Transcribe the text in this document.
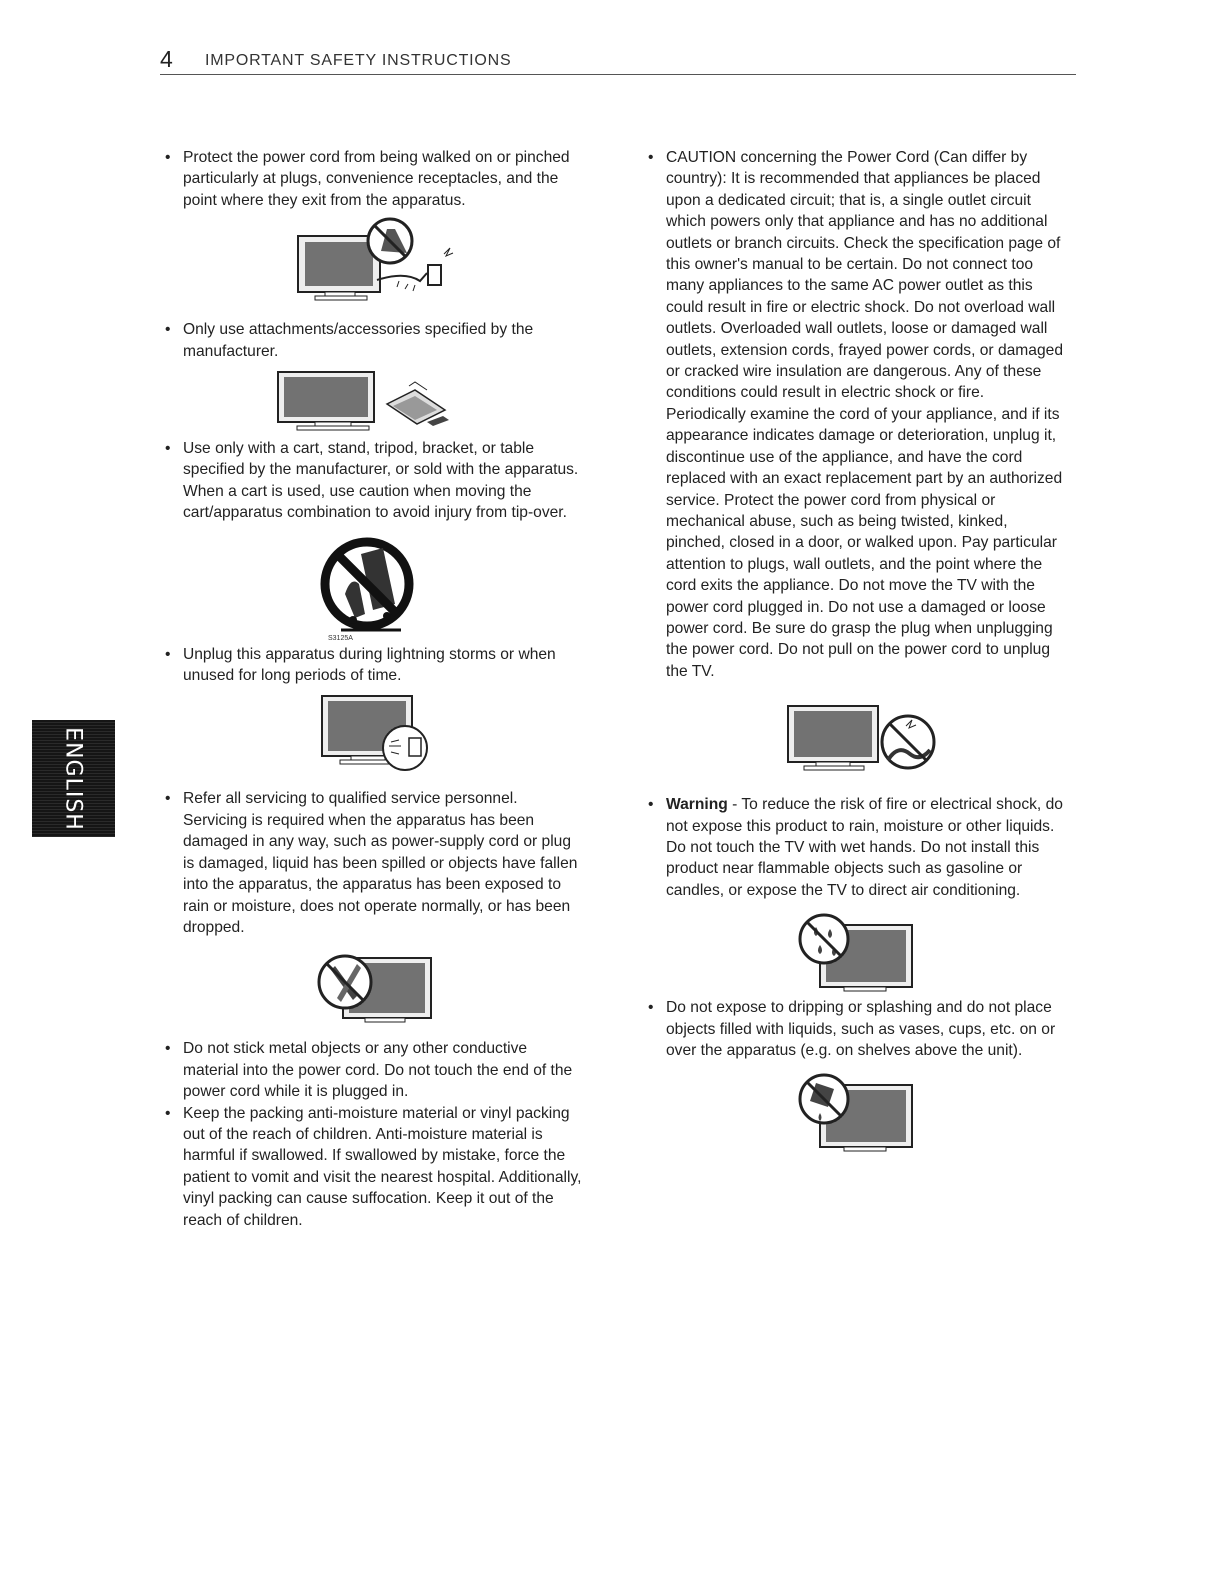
4 IMPORTANT SAFETY INSTRUCTIONS
ENGLISH
• Protect the power cord from being walked on or pinched particularly at plugs, convenience receptacles, and the point where they exit from the apparatus.
• Only use attachments/accessories specified by the manufacturer.
• Use only with a cart, stand, tripod, bracket, or table specified by the manufacturer, or sold with the apparatus. When a cart is used, use caution when moving the cart/apparatus combination to avoid injury from tip-over.
S3125A
• Unplug this apparatus during lightning storms or when unused for long periods of time.
• Refer all servicing to qualified service personnel. Servicing is required when the apparatus has been damaged in any way, such as power-supply cord or plug is damaged, liquid has been spilled or objects have fallen into the apparatus, the apparatus has been exposed to rain or moisture, does not operate normally, or has been dropped.
• Do not stick metal objects or any other conductive material into the power cord. Do not touch the end of the power cord while it is plugged in.
• Keep the packing anti-moisture material or vinyl packing out of the reach of children. Anti-moisture material is harmful if swallowed. If swallowed by mistake, force the patient to vomit and visit the nearest hospital. Additionally, vinyl packing can cause suffocation. Keep it out of the reach of children.
• CAUTION concerning the Power Cord (Can differ by country): It is recommended that appliances be placed upon a dedicated circuit; that is, a single outlet circuit which powers only that appliance and has no additional outlets or branch circuits. Check the specification page of this owner's manual to be certain. Do not connect too many appliances to the same AC power outlet as this could result in fire or electric shock. Do not overload wall outlets. Overloaded wall outlets, loose or damaged wall outlets, extension cords, frayed power cords, or damaged or cracked wire insulation are dangerous. Any of these conditions could result in electric shock or fire. Periodically examine the cord of your appliance, and if its appearance indicates damage or deterioration, unplug it, discontinue use of the appliance, and have the cord replaced with an exact replacement part by an authorized service. Protect the power cord from physical or mechanical abuse, such as being twisted, kinked, pinched, closed in a door, or walked upon. Pay particular attention to plugs, wall outlets, and the point where the cord exits the appliance. Do not move the TV with the power cord plugged in. Do not use a damaged or loose power cord. Be sure do grasp the plug when unplugging the power cord. Do not pull on the power cord to unplug the TV.
• Warning - To reduce the risk of fire or electrical shock, do not expose this product to rain, moisture or other liquids. Do not touch the TV with wet hands. Do not install this product near flammable objects such as gasoline or candles, or expose the TV to direct air conditioning.
• Do not expose to dripping or splashing and do not place objects filled with liquids, such as vases, cups, etc. on or over the apparatus (e.g. on shelves above the unit).
